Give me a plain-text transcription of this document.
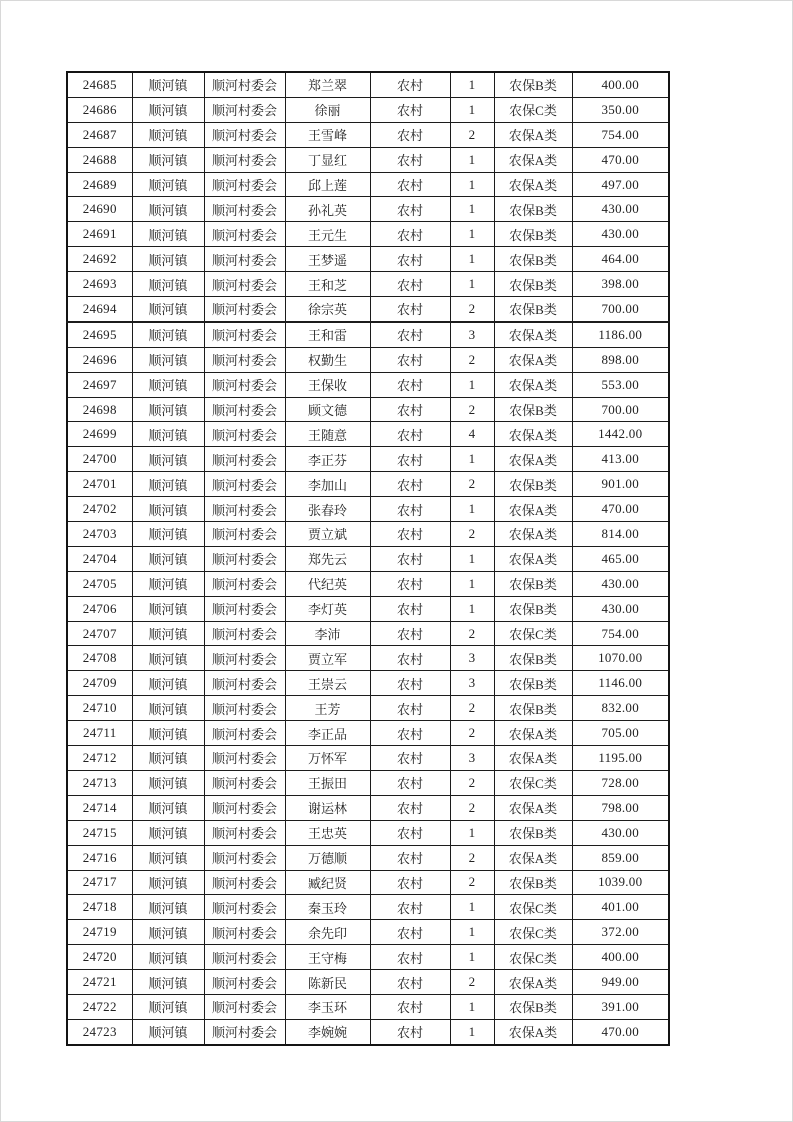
24685	顺河镇	顺河村委会	郑兰翠	农村	1	农保B类	400.00
24686	顺河镇	顺河村委会	徐丽	农村	1	农保C类	350.00
24687	顺河镇	顺河村委会	王雪峰	农村	2	农保A类	754.00
24688	顺河镇	顺河村委会	丁显红	农村	1	农保A类	470.00
24689	顺河镇	顺河村委会	邱上莲	农村	1	农保A类	497.00
24690	顺河镇	顺河村委会	孙礼英	农村	1	农保B类	430.00
24691	顺河镇	顺河村委会	王元生	农村	1	农保B类	430.00
24692	顺河镇	顺河村委会	王梦遥	农村	1	农保B类	464.00
24693	顺河镇	顺河村委会	王和芝	农村	1	农保B类	398.00
24694	顺河镇	顺河村委会	徐宗英	农村	2	农保B类	700.00
24695	顺河镇	顺河村委会	王和雷	农村	3	农保A类	1186.00
24696	顺河镇	顺河村委会	权勤生	农村	2	农保A类	898.00
24697	顺河镇	顺河村委会	王保收	农村	1	农保A类	553.00
24698	顺河镇	顺河村委会	顾文德	农村	2	农保B类	700.00
24699	顺河镇	顺河村委会	王随意	农村	4	农保A类	1442.00
24700	顺河镇	顺河村委会	李正芬	农村	1	农保A类	413.00
24701	顺河镇	顺河村委会	李加山	农村	2	农保B类	901.00
24702	顺河镇	顺河村委会	张春玲	农村	1	农保A类	470.00
24703	顺河镇	顺河村委会	贾立斌	农村	2	农保A类	814.00
24704	顺河镇	顺河村委会	郑先云	农村	1	农保A类	465.00
24705	顺河镇	顺河村委会	代纪英	农村	1	农保B类	430.00
24706	顺河镇	顺河村委会	李灯英	农村	1	农保B类	430.00
24707	顺河镇	顺河村委会	李沛	农村	2	农保C类	754.00
24708	顺河镇	顺河村委会	贾立军	农村	3	农保B类	1070.00
24709	顺河镇	顺河村委会	王崇云	农村	3	农保B类	1146.00
24710	顺河镇	顺河村委会	王芳	农村	2	农保B类	832.00
24711	顺河镇	顺河村委会	李正品	农村	2	农保A类	705.00
24712	顺河镇	顺河村委会	万怀军	农村	3	农保A类	1195.00
24713	顺河镇	顺河村委会	王振田	农村	2	农保C类	728.00
24714	顺河镇	顺河村委会	谢运林	农村	2	农保A类	798.00
24715	顺河镇	顺河村委会	王忠英	农村	1	农保B类	430.00
24716	顺河镇	顺河村委会	万德顺	农村	2	农保A类	859.00
24717	顺河镇	顺河村委会	臧纪贤	农村	2	农保B类	1039.00
24718	顺河镇	顺河村委会	秦玉玲	农村	1	农保C类	401.00
24719	顺河镇	顺河村委会	余先印	农村	1	农保C类	372.00
24720	顺河镇	顺河村委会	王守梅	农村	1	农保C类	400.00
24721	顺河镇	顺河村委会	陈新民	农村	2	农保A类	949.00
24722	顺河镇	顺河村委会	李玉环	农村	1	农保B类	391.00
24723	顺河镇	顺河村委会	李婉婉	农村	1	农保A类	470.00
